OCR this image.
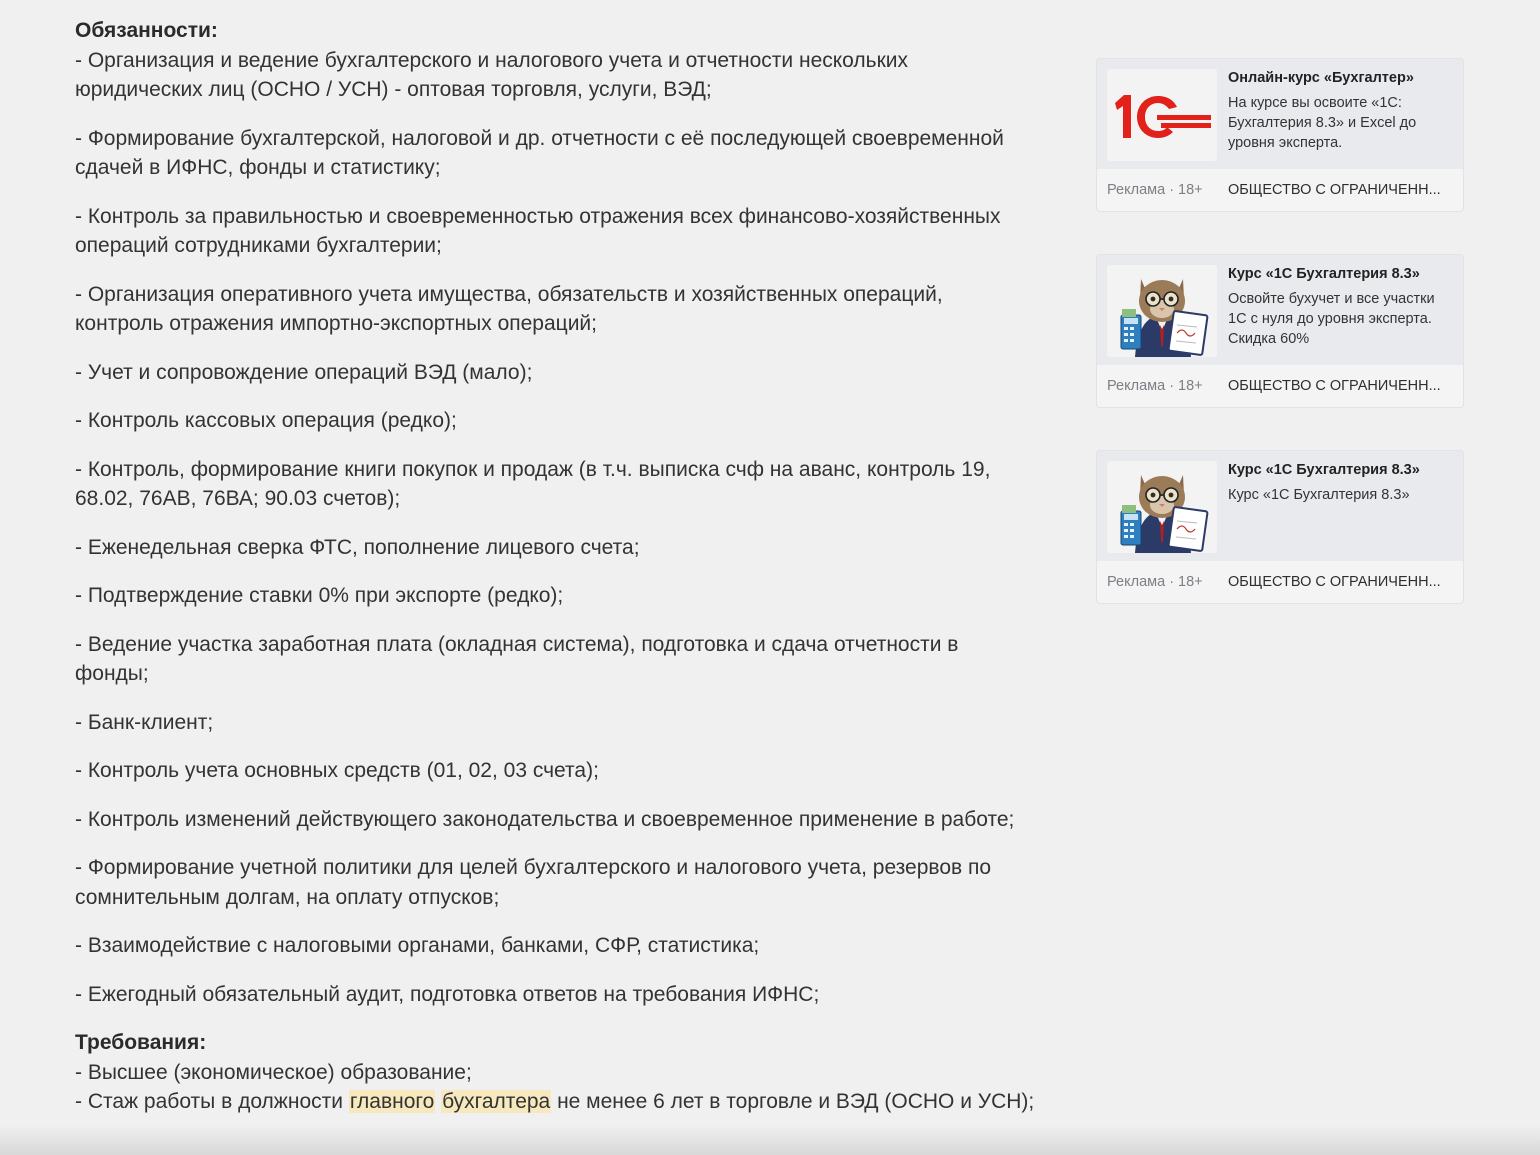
Обязанности:

- Организация и ведение бухгалтерского и налогового учета и отчетности нескольких юридических лиц (ОСНО / УСН) - оптовая торговля, услуги, ВЭД;

- Формирование бухгалтерской, налоговой и др. отчетности с её последующей своевременной сдачей в ИФНС, фонды и статистику;

- Контроль за правильностью и своевременностью отражения всех финансово-хозяйственных операций сотрудниками бухгалтерии;

- Организация оперативного учета имущества, обязательств и хозяйственных операций, контроль отражения импортно-экспортных операций;

- Учет и сопровождение операций ВЭД (мало);

- Контроль кассовых операция (редко);

- Контроль, формирование книги покупок и продаж (в т.ч. выписка счф на аванс, контроль 19, 68.02, 76АВ, 76ВА; 90.03 счетов);

- Еженедельная сверка ФТС, пополнение лицевого счета;

- Подтверждение ставки 0% при экспорте (редко);

- Ведение участка заработная плата (окладная система), подготовка и сдача отчетности в фонды;

- Банк-клиент;

- Контроль учета основных средств (01, 02, 03 счета);

- Контроль изменений действующего законодательства и своевременное применение в работе;

- Формирование учетной политики для целей бухгалтерского и налогового учета, резервов по сомнительным долгам, на оплату отпусков;

- Взаимодействие с налоговыми органами, банками, СФР, статистика;

- Ежегодный обязательный аудит, подготовка ответов на требования ИФНС;

Требования:

- Высшее (экономическое) образование;

- Стаж работы в должности главного бухгалтера не менее 6 лет в торговле и ВЭД (ОСНО и УСН);

Онлайн-курс «Бухгалтер»
На курсе вы освоите «1С: Бухгалтерия 8.3» и Excel до уровня эксперта.
Реклама · 18+ ОБЩЕСТВО С ОГРАНИЧЕНН...
Курс «1С Бухгалтерия 8.3»
Освойте бухучет и все участки 1С с нуля до уровня эксперта. Скидка 60%
Реклама · 18+ ОБЩЕСТВО С ОГРАНИЧЕНН...
Курс «1С Бухгалтерия 8.3»
Курс «1С Бухгалтерия 8.3»
Реклама · 18+ ОБЩЕСТВО С ОГРАНИЧЕНН...
